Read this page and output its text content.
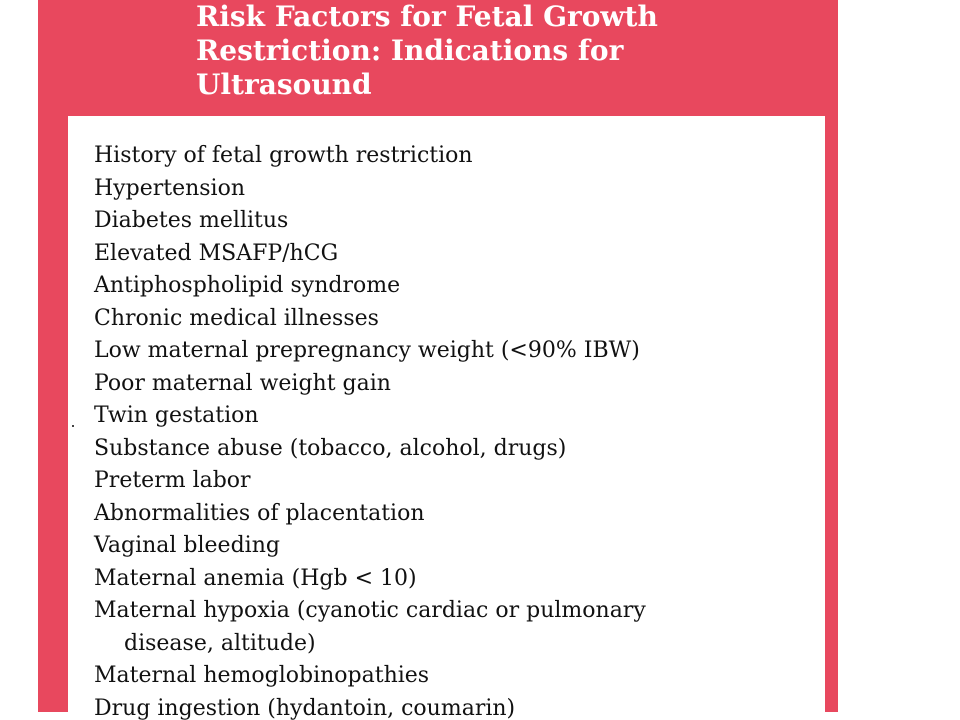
Risk Factors for Fetal Growth
Restriction: Indications for
Ultrasound
History of fetal growth restriction
Hypertension
Diabetes mellitus
Elevated MSAFP/hCG
Antiphospholipid syndrome
Chronic medical illnesses
Low maternal prepregnancy weight (<90% IBW)
Poor maternal weight gain
Twin gestation
Substance abuse (tobacco, alcohol, drugs)
Preterm labor
Abnormalities of placentation
Vaginal bleeding
Maternal anemia (Hgb < 10)
Maternal hypoxia (cyanotic cardiac or pulmonary
disease, altitude)
Maternal hemoglobinopathies
Drug ingestion (hydantoin, coumarin)
